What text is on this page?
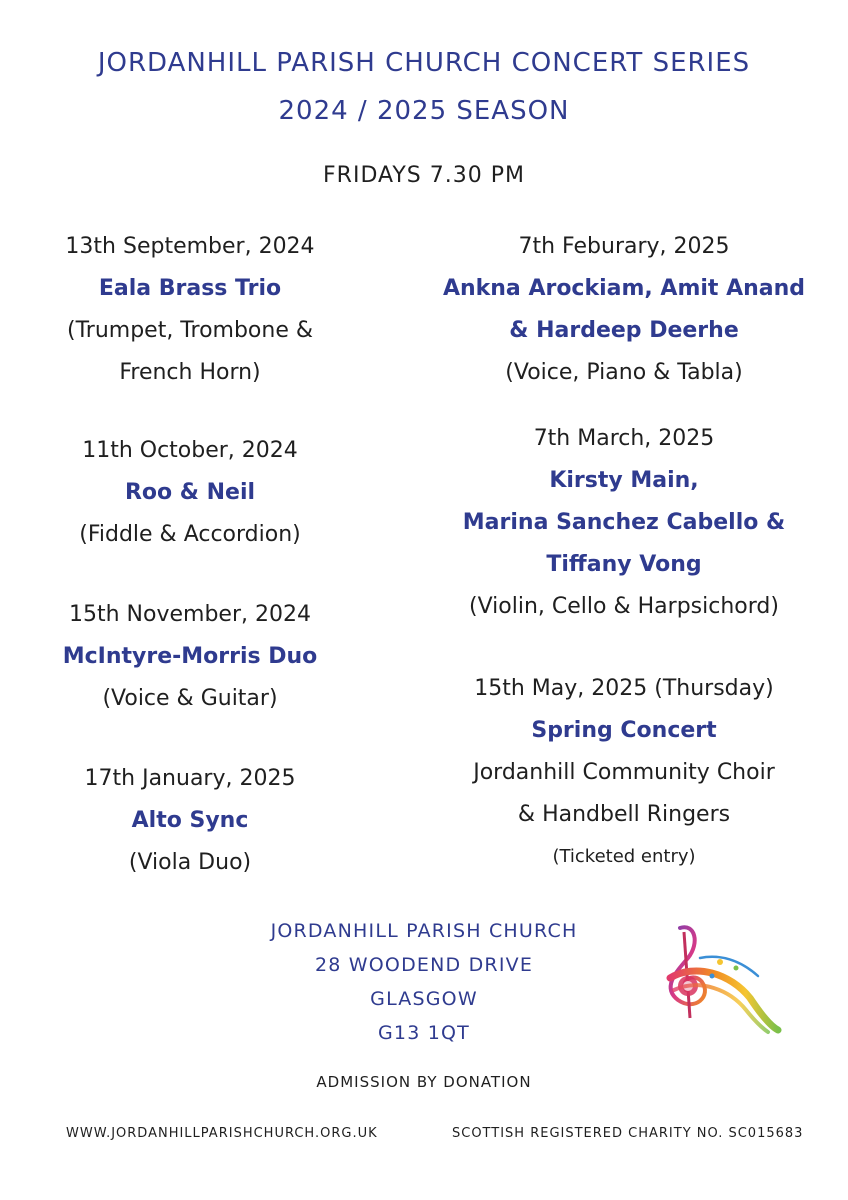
JORDANHILL PARISH CHURCH CONCERT SERIES
2024 / 2025 SEASON
FRIDAYS 7.30 PM
13th September, 2024
Eala Brass Trio
(Trumpet, Trombone &
French Horn)
11th October, 2024
Roo & Neil
(Fiddle & Accordion)
15th November, 2024
McIntyre-Morris Duo
(Voice & Guitar)
17th January, 2025
Alto Sync
(Viola Duo)
7th Feburary, 2025
Ankna Arockiam, Amit Anand
& Hardeep Deerhe
(Voice, Piano & Tabla)
7th March, 2025
Kirsty Main,
Marina Sanchez Cabello &
Tiffany Vong
(Violin, Cello & Harpsichord)
15th May, 2025 (Thursday)
Spring Concert
Jordanhill Community Choir
& Handbell Ringers
(Ticketed entry)
JORDANHILL PARISH CHURCH
28 WOODEND DRIVE
GLASGOW
G13 1QT
ADMISSION BY DONATION
WWW.JORDANHILLPARISHCHURCH.ORG.UK	SCOTTISH REGISTERED CHARITY NO. SC015683
